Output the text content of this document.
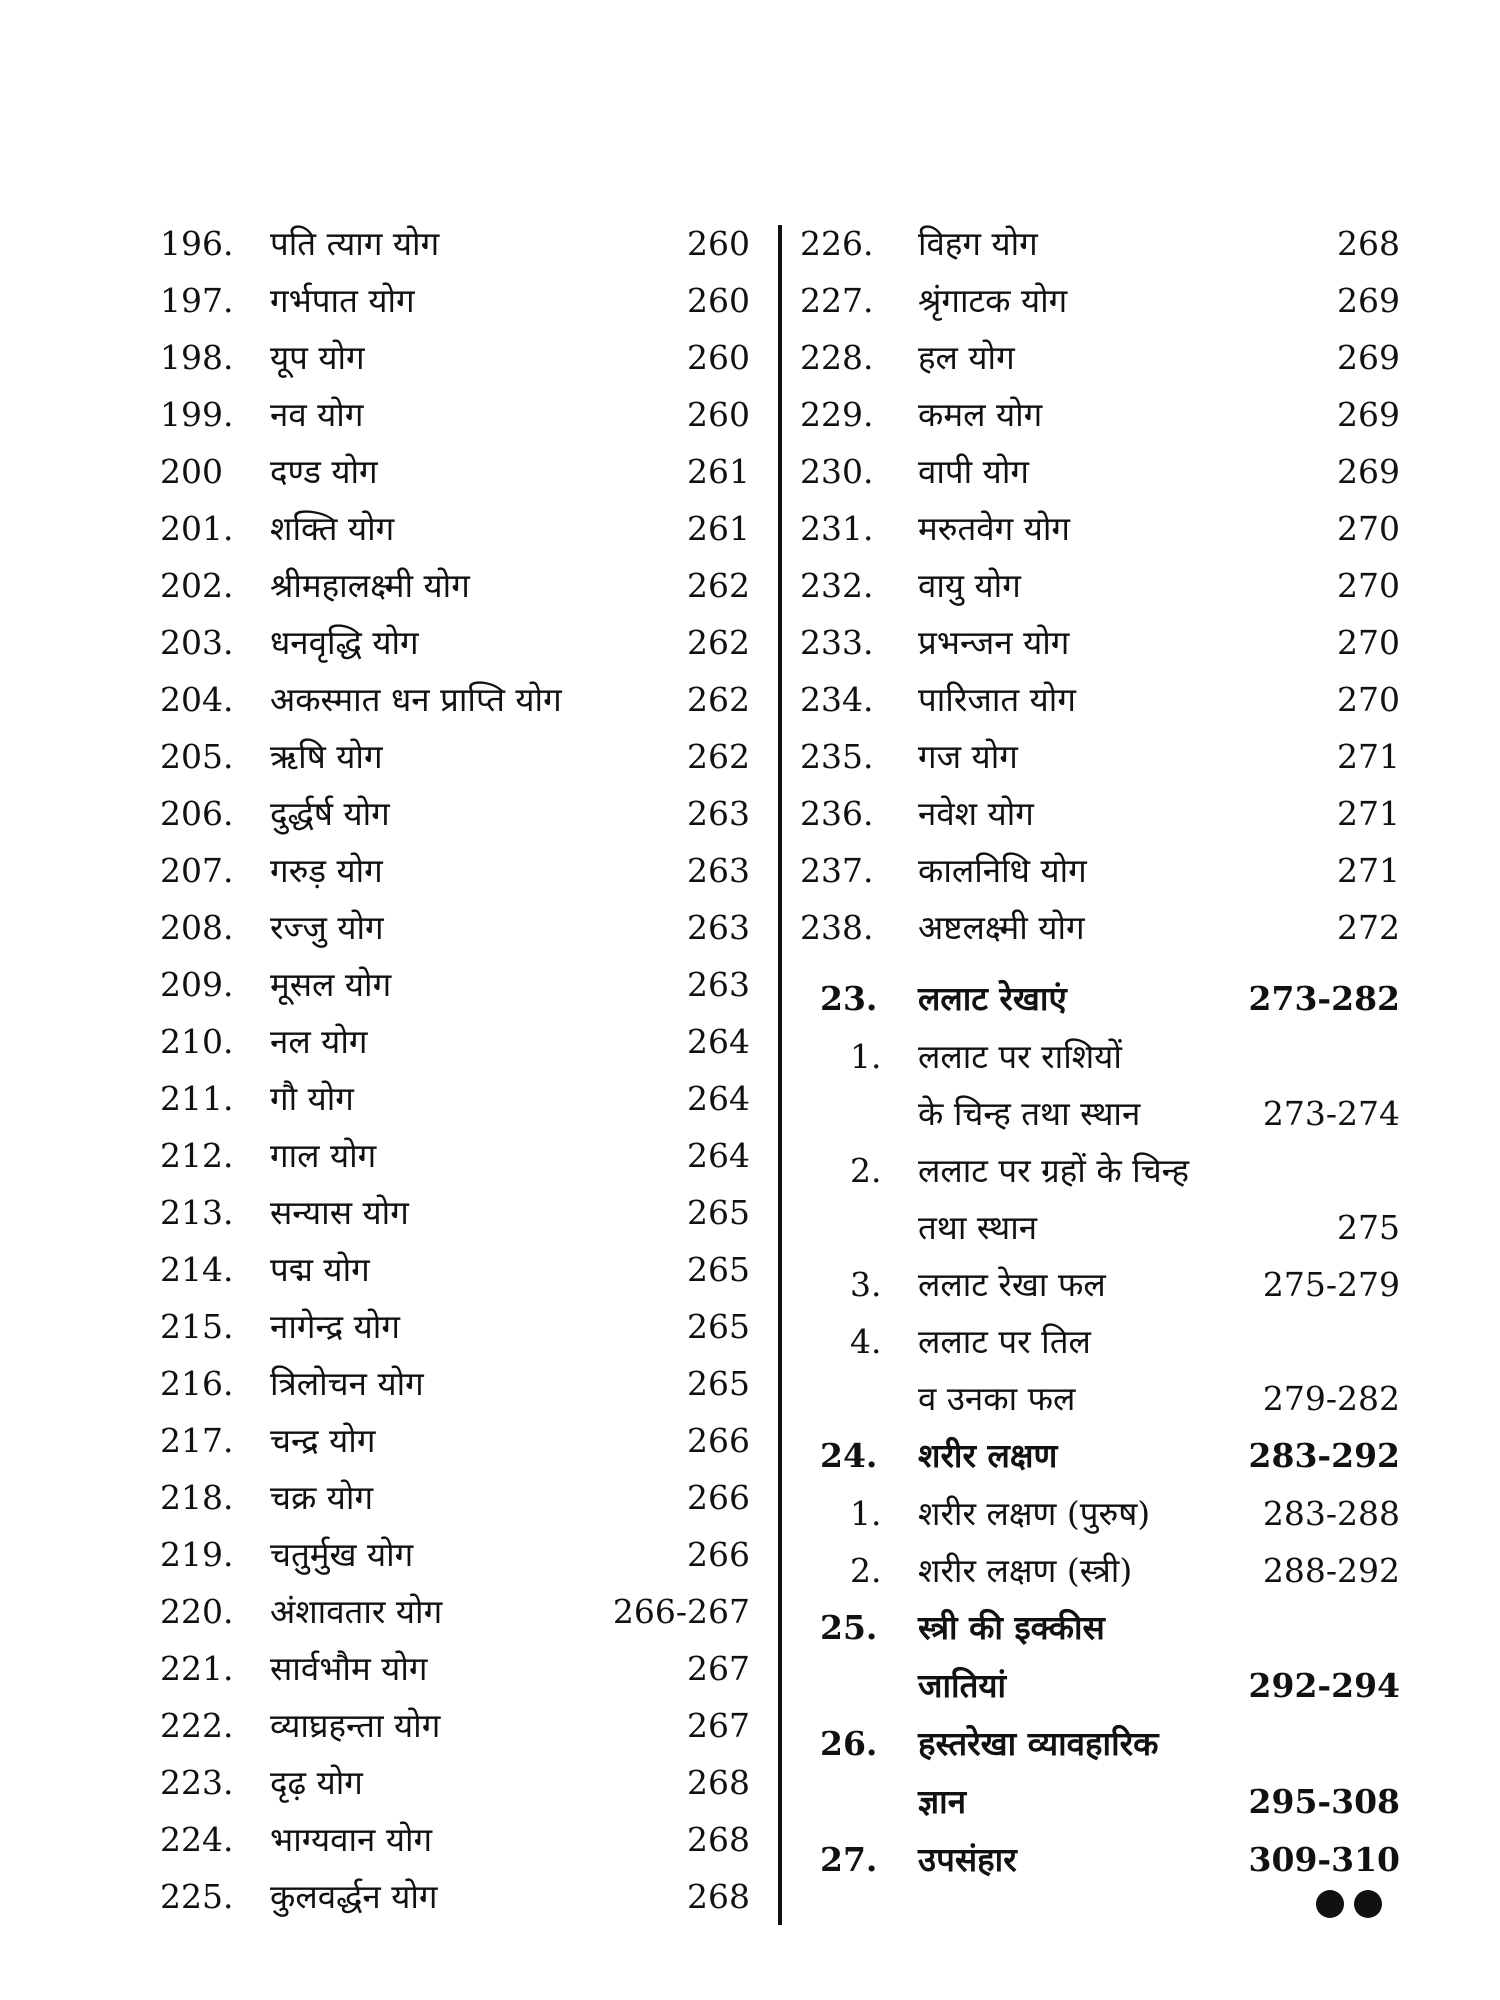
196. पति त्याग योग	260
197. गर्भपात योग	260
198. यूप योग	260
199. नव योग	260
200 दण्ड योग	261
201. शक्ति योग	261
202. श्रीमहालक्ष्मी योग	262
203. धनवृद्धि योग	262
204. अकस्मात धन प्राप्ति योग	262
205. ऋषि योग	262
206. दुर्द्धर्ष योग	263
207. गरुड़ योग	263
208. रज्जु योग	263
209. मूसल योग	263
210. नल योग	264
211. गौ योग	264
212. गाल योग	264
213. सन्यास योग	265
214. पद्म योग	265
215. नागेन्द्र योग	265
216. त्रिलोचन योग	265
217. चन्द्र योग	266
218. चक्र योग	266
219. चतुर्मुख योग	266
220. अंशावतार योग	266-267
221. सार्वभौम योग	267
222. व्याघ्रहन्ता योग	267
223. दृढ़ योग	268
224. भाग्यवान योग	268
225. कुलवर्द्धन योग	268
226. विहग योग	268
227. श्रृंगाटक योग	269
228. हल योग	269
229. कमल योग	269
230. वापी योग	269
231. मरुतवेग योग	270
232. वायु योग	270
233. प्रभन्जन योग	270
234. पारिजात योग	270
235. गज योग	271
236. नवेश योग	271
237. कालनिधि योग	271
238. अष्टलक्ष्मी योग	272
23. ललाट रेखाएं	273-282
1. ललाट पर राशियों
के चिन्ह तथा स्थान	273-274
2. ललाट पर ग्रहों के चिन्ह
तथा स्थान	275
3. ललाट रेखा फल	275-279
4. ललाट पर तिल
व उनका फल	279-282
24. शरीर लक्षण	283-292
1. शरीर लक्षण (पुरुष)	283-288
2. शरीर लक्षण (स्त्री)	288-292
25. स्त्री की इक्कीस
जातियां	292-294
26. हस्तरेखा व्यावहारिक
ज्ञान	295-308
27. उपसंहार	309-310
